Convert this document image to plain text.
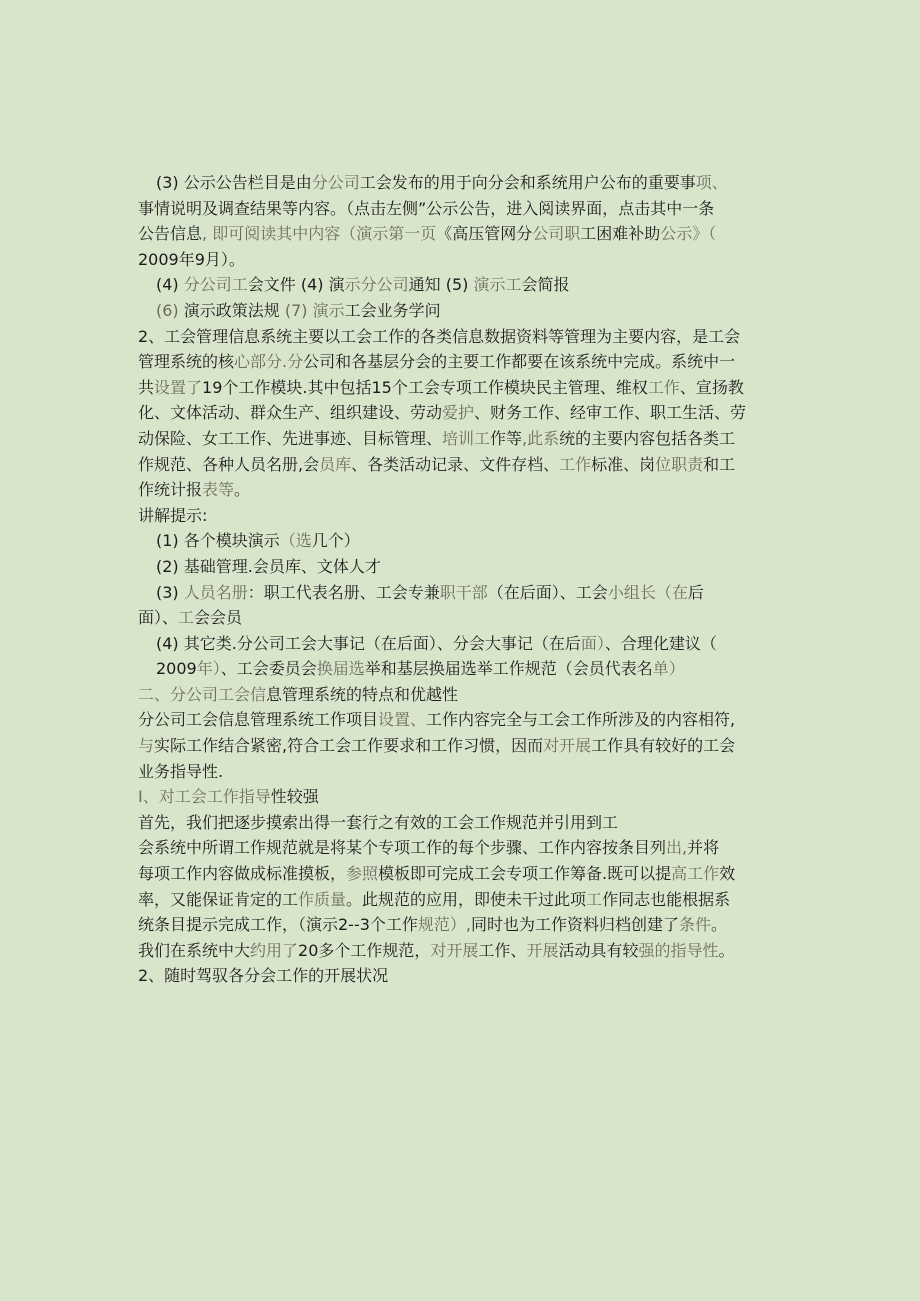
(3) 公示公告栏目是由分公司工会发布的用于向分会和系统用户公布的重要事项、
事情说明及调查结果等内容。（点击左侧”公示公告，进入阅读界面，点击其中一条
公告信息, 即可阅读其中内容（演示第一页《高压管网分公司职工困难补助公示》（
2009年9月）。
(4) 分公司工会文件 (4) 演示分公司通知 (5) 演示工会简报
(6) 演示政策法规 (7) 演示工会业务学问
2、工会管理信息系统主要以工会工作的各类信息数据资料等管理为主要内容，是工会
管理系统的核心部分.分公司和各基层分会的主要工作都要在该系统中完成。系统中一
共设置了19个工作模块.其中包括15个工会专项工作模块民主管理、维权工作、宣扬教
化、文体活动、群众生产、组织建设、劳动爱护、财务工作、经审工作、职工生活、劳
动保险、女工工作、先进事迹、目标管理、培训工作等,此系统的主要内容包括各类工
作规范、各种人员名册,会员库、各类活动记录、文件存档、工作标准、岗位职责和工
作统计报表等。
讲解提示:
(1) 各个模块演示（选几个）
(2) 基础管理.会员库、文体人才
(3) 人员名册：职工代表名册、工会专兼职干部（在后面）、工会小组长（在后
面）、工会会员
(4) 其它类.分公司工会大事记（在后面）、分会大事记（在后面）、合理化建议（
2009年）、工会委员会换届选举和基层换届选举工作规范（会员代表名单）
二、分公司工会信息管理系统的特点和优越性
分公司工会信息管理系统工作项目设置、工作内容完全与工会工作所涉及的内容相符,
与实际工作结合紧密,符合工会工作要求和工作习惯，因而对开展工作具有较好的工会
业务指导性.
I、对工会工作指导性较强
首先，我们把逐步摸索出得一套行之有效的工会工作规范并引用到工
会系统中所谓工作规范就是将某个专项工作的每个步骤、工作内容按条目列出,并将
每项工作内容做成标准摸板，参照模板即可完成工会专项工作筹备.既可以提高工作效
率，又能保证肯定的工作质量。此规范的应用，即使未干过此项工作同志也能根据系
统条目提示完成工作，（演示2--3个工作规范）,同时也为工作资料归档创建了条件。
我们在系统中大约用了20多个工作规范，对开展工作、开展活动具有较强的指导性。
2、随时驾驭各分会工作的开展状况
